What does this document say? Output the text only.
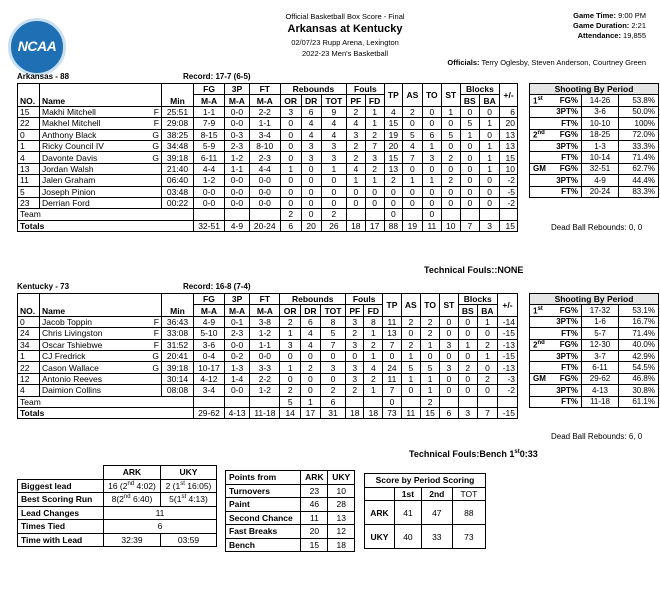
NCAA
Official Basketball Box Score - Final
Arkansas at Kentucky
02/07/23 Rupp Arena, Lexington
2022-23 Men's Basketball
Game Time: 9:00 PM
Game Duration: 2:21
Attendance: 19,855
Officials: Terry Oglesby, Steven Anderson, Courtney Green
Arkansas - 88	Record: 17-7 (6-5)
NO.	Name	Min	FG	3P	FT	Rebounds			Fouls		TP	AS	TO	ST	Blocks		+/-
			M-A	M-A	M-A	OR	DR	TOT	PF	FD					BS	BA	
15	Makhi Mitchell F	25:51	1-1	0-0	2-2	3	6	9	2	1	4	2	0	1	0	0	6
22	Makhel Mitchell F	29:08	7-9	0-0	1-1	0	4	4	4	1	15	0	0	0	5	1	20
0	Anthony Black G	38:25	8-15	0-3	3-4	0	4	4	3	2	19	5	6	5	1	0	13
1	Ricky Council IV G	34:48	5-9	2-3	8-10	0	3	3	2	7	20	4	1	0	0	1	13
4	Davonte Davis G	39:18	6-11	1-2	2-3	0	3	3	2	3	15	7	3	2	0	1	15
13	Jordan Walsh	21:40	4-4	1-1	4-4	1	0	1	4	2	13	0	0	0	0	1	10
11	Jalen Graham	06:40	1-2	0-0	0-0	0	0	0	1	1	2	1	1	2	0	0	-2
5	Joseph Pinion	03:48	0-0	0-0	0-0	0	0	0	0	0	0	0	0	0	0	0	-5
23	Derrian Ford	00:22	0-0	0-0	0-0	0	0	0	0	0	0	0	0	0	0	0	-2
Team						2	0	2			0		0				
Totals			32-51	4-9	20-24	6	20	26	18	17	88	19	11	10	7	3	15
Shooting By Period		

1st FG%	14-26	53.8%
3PT%	3-6	50.0%
FT%	10-10	100%

2nd FG%	18-25	72.0%
3PT%	1-3	33.3%
FT%	10-14	71.4%

GM FG%	32-51	62.7%
3PT%	4-9	44.4%
FT%	20-24	83.3%
Dead Ball Rebounds: 0, 0
Technical Fouls::NONE
Kentucky - 73	Record: 16-8 (7-4)
NO.	Name	Min	FG	3P	FT	Rebounds			Fouls		TP	AS	TO	ST	Blocks		+/-
			M-A	M-A	M-A	OR	DR	TOT	PF	FD					BS	BA	
0	Jacob Toppin F	36:43	4-9	0-1	3-8	2	6	8	3	8	11	2	2	0	0	1	-14
24	Chris Livingston F	33:08	5-10	2-3	1-2	1	4	5	2	1	13	0	2	0	0	0	-15
34	Oscar Tshiebwe F	31:52	3-6	0-0	1-1	3	4	7	3	2	7	2	1	3	1	2	-13
1	CJ Fredrick G	20:41	0-4	0-2	0-0	0	0	0	0	1	0	1	0	0	0	1	-15
22	Cason Wallace G	39:18	10-17	1-3	3-3	1	2	3	3	4	24	5	5	3	2	0	-13
12	Antonio Reeves	30:14	4-12	1-4	2-2	0	0	0	3	2	11	1	1	0	0	2	-3
4	Daimion Collins	08:08	3-4	0-0	1-2	2	0	2	2	1	7	0	1	0	0	0	-2
Team						5	1	6			0		2				
Totals			29-62	4-13	11-18	14	17	31	18	18	73	11	15	6	3	7	-15
Shooting By Period		

1st FG%	17-32	53.1%
3PT%	1-6	16.7%
FT%	5-7	71.4%

2nd FG%	12-30	40.0%
3PT%	3-7	42.9%
FT%	6-11	54.5%

GM FG%	29-62	46.8%
3PT%	4-13	30.8%
FT%	11-18	61.1%
Dead Ball Rebounds: 6, 0
Technical Fouls:Bench 1st0:33
	ARK	UKY
Biggest lead	16 (2nd 4:02)	2 (1st 16:05)
Best Scoring Run	8(2nd 6:40)	5(1st 4:13)
Lead Changes	11	
Times Tied	6	
Time with Lead	32:39	03:59
Points from	ARK	UKY
Turnovers	23	10
Paint	46	28
Second Chance	11	13
Fast Breaks	20	12
Bench	15	18
Score by Period Scoring			
	1st	2nd	TOT
ARK	41	47	88
UKY	40	33	73
